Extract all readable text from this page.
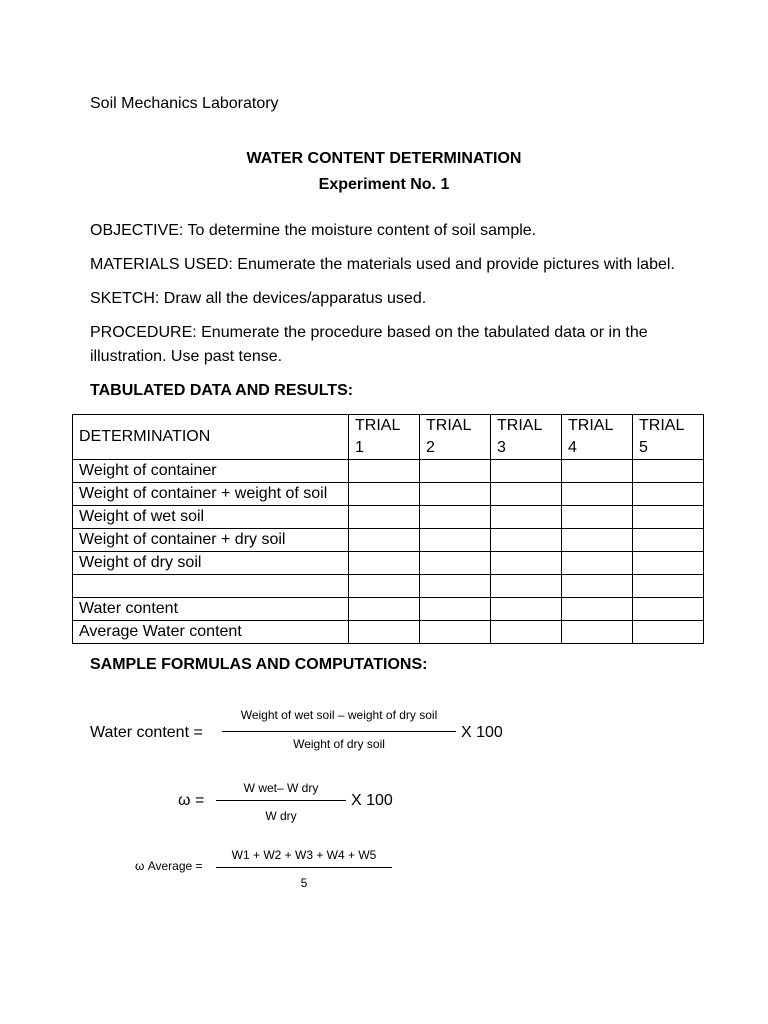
Soil Mechanics Laboratory
WATER CONTENT DETERMINATION
Experiment No. 1
OBJECTIVE: To determine the moisture content of soil sample.
MATERIALS USED: Enumerate the materials used and provide pictures with label.
SKETCH: Draw all the devices/apparatus used.
PROCEDURE: Enumerate the procedure based on the tabulated data or in the
illustration. Use past tense.
TABULATED DATA AND RESULTS:
DETERMINATION	TRIAL 1	TRIAL 2	TRIAL 3	TRIAL 4	TRIAL 5
Weight of container					
Weight of container + weight of soil					
Weight of wet soil					
Weight of container + dry soil					
Weight of dry soil					

Water content					
Average Water content					
SAMPLE FORMULAS AND COMPUTATIONS:
Water content =
Weight of wet soil – weight of dry soil
Weight of dry soil
X 100
ω =
W wet– W dry
W dry
X 100
ω Average =
W1 + W2 + W3 + W4 + W5
5
